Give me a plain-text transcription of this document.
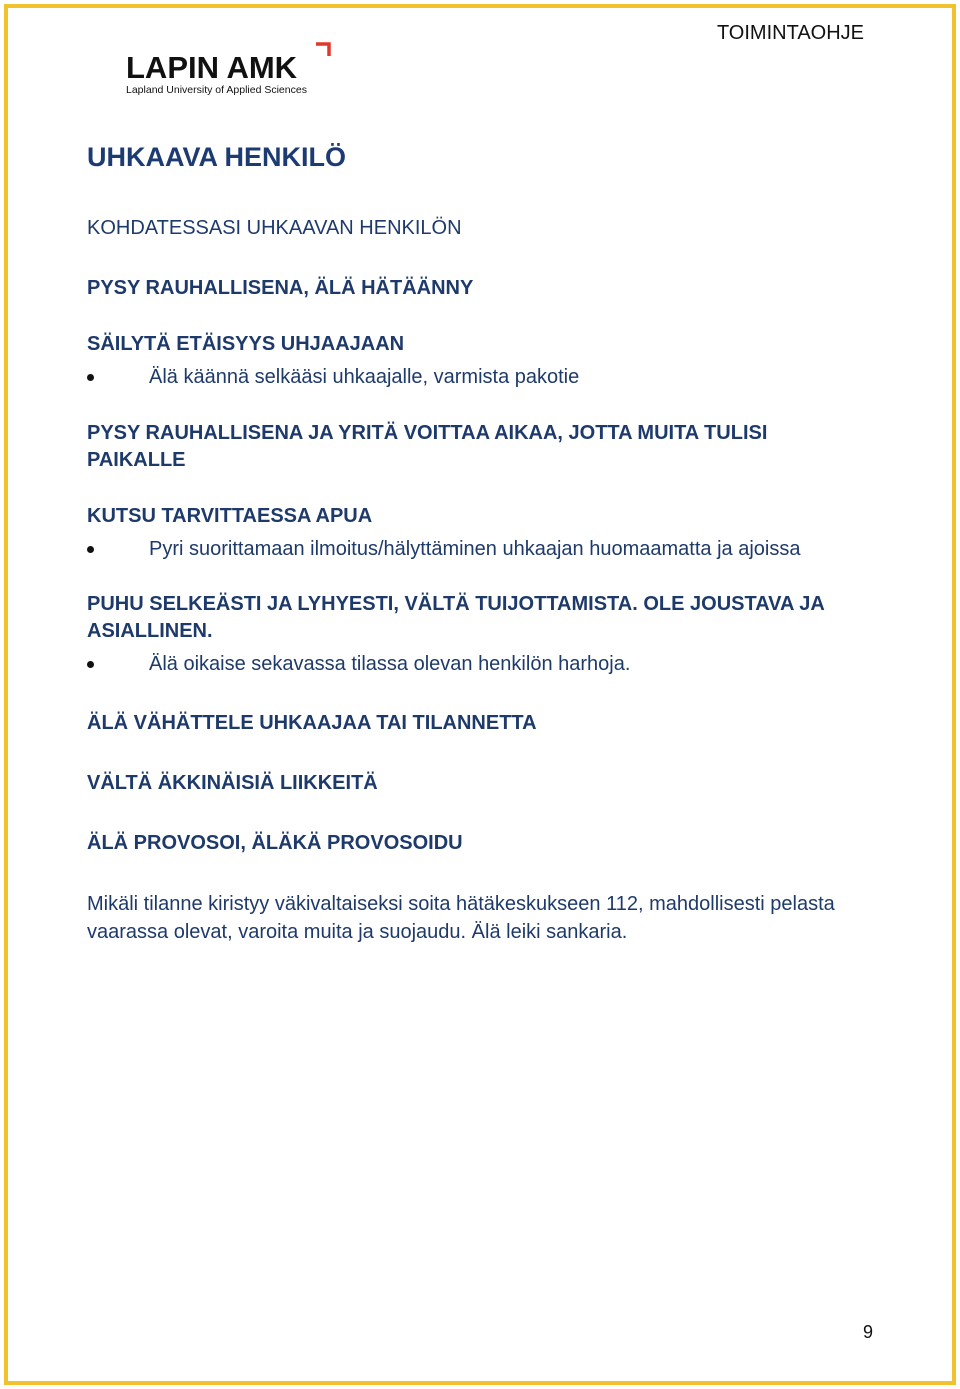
TOIMINTAOHJE
LAPIN AMK
Lapland University of Applied Sciences
UHKAAVA HENKILÖ
KOHDATESSASI UHKAAVAN HENKILÖN
PYSY RAUHALLISENA, ÄLÄ HÄTÄÄNNY
SÄILYTÄ ETÄISYYS UHJAAJAAN
Älä käännä selkääsi uhkaajalle, varmista pakotie
PYSY RAUHALLISENA JA YRITÄ VOITTAA AIKAA, JOTTA MUITA TULISI
PAIKALLE
KUTSU TARVITTAESSA APUA
Pyri suorittamaan ilmoitus/hälyttäminen uhkaajan huomaamatta ja ajoissa
PUHU SELKEÄSTI JA LYHYESTI, VÄLTÄ TUIJOTTAMISTA. OLE JOUSTAVA JA
ASIALLINEN.
Älä oikaise sekavassa tilassa olevan henkilön harhoja.
ÄLÄ VÄHÄTTELE UHKAAJAA TAI TILANNETTA
VÄLTÄ ÄKKINÄISIÄ LIIKKEITÄ
ÄLÄ PROVOSOI, ÄLÄKÄ PROVOSOIDU
Mikäli tilanne kiristyy väkivaltaiseksi soita hätäkeskukseen 112, mahdollisesti pelasta
vaarassa olevat, varoita muita ja suojaudu. Älä leiki sankaria.
9
